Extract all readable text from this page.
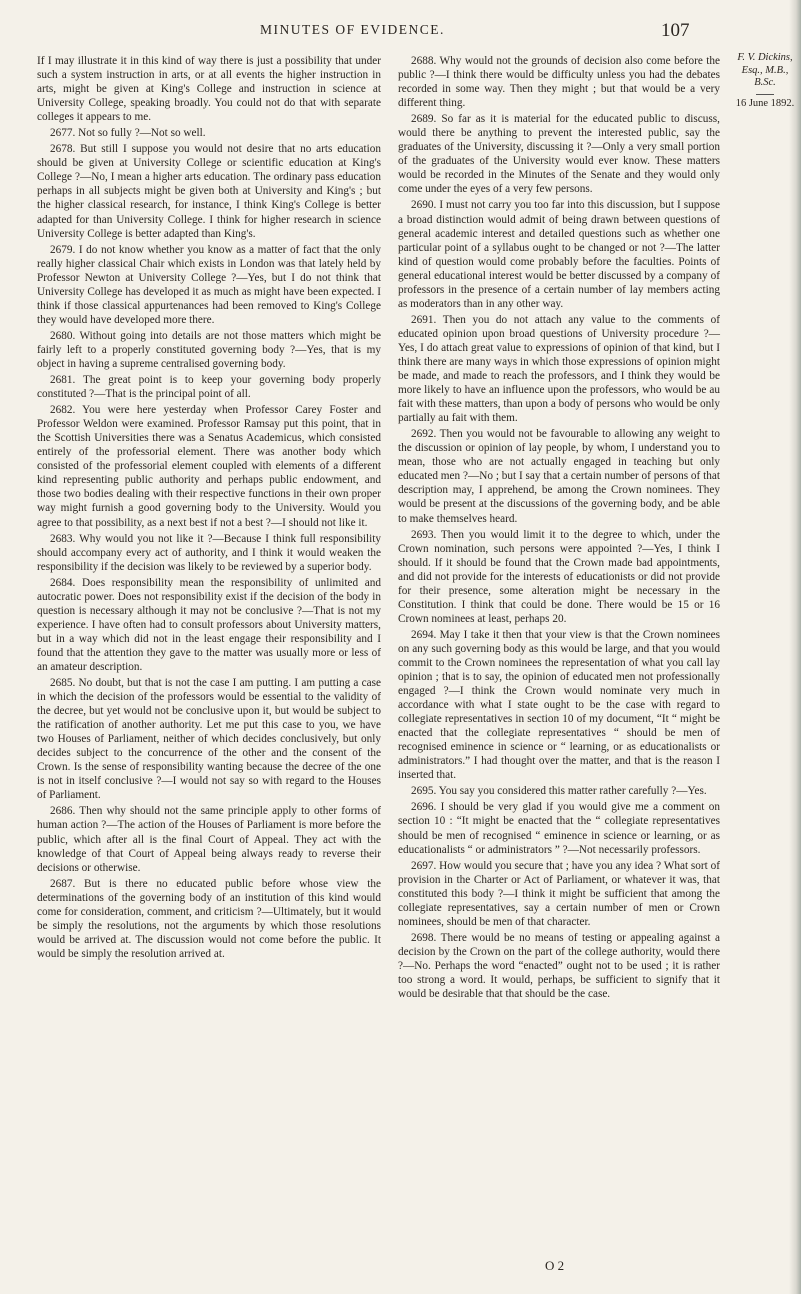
MINUTES OF EVIDENCE.	107

If I may illustrate it in this kind of way there is just a possibility that under such a system instruction in arts, or at all events the higher instruction in arts, might be given at King's College and instruction in science at University College, speaking broadly. You could not do that with separate colleges it appears to me.

2677. Not so fully ?—Not so well.

2678. But still I suppose you would not desire that no arts education should be given at University College or scientific education at King's College ?—No, I mean a higher arts education. The ordinary pass education perhaps in all subjects might be given both at University and King's ; but the higher classical research, for instance, I think King's College is better adapted for than University College. I think for higher research in science University College is better adapted than King's.

2679. I do not know whether you know as a matter of fact that the only really higher classical Chair which exists in London was that lately held by Professor Newton at University College ?—Yes, but I do not think that University College has developed it as much as might have been expected. I think if those classical appurtenances had been removed to King's College they would have developed more there.

2680. Without going into details are not those matters which might be fairly left to a properly constituted governing body ?—Yes, that is my object in having a supreme centralised governing body.

2681. The great point is to keep your governing body properly constituted ?—That is the principal point of all.

2682. You were here yesterday when Professor Carey Foster and Professor Weldon were examined. Professor Ramsay put this point, that in the Scottish Universities there was a Senatus Academicus, which consisted entirely of the professorial element. There was another body which consisted of the professorial element coupled with elements of a different kind representing public authority and perhaps public endowment, and those two bodies dealing with their respective functions in their own proper way might furnish a good governing body to the University. Would you agree to that possibility, as a next best if not a best ?—I should not like it.

2683. Why would you not like it ?—Because I think full responsibility should accompany every act of authority, and I think it would weaken the responsibility if the decision was likely to be reviewed by a superior body.

2684. Does responsibility mean the responsibility of unlimited and autocratic power. Does not responsibility exist if the decision of the body in question is necessary although it may not be conclusive ?—That is not my experience. I have often had to consult professors about University matters, but in a way which did not in the least engage their responsibility and I found that the attention they gave to the matter was usually more or less of an amateur description.

2685. No doubt, but that is not the case I am putting. I am putting a case in which the decision of the professors would be essential to the validity of the decree, but yet would not be conclusive upon it, but would be subject to the ratification of another authority. Let me put this case to you, we have two Houses of Parliament, neither of which decides conclusively, but only decides subject to the concurrence of the other and the consent of the Crown. Is the sense of responsibility wanting because the decree of the one is not in itself conclusive ?—I would not say so with regard to the Houses of Parliament.

2686. Then why should not the same principle apply to other forms of human action ?—The action of the Houses of Parliament is more before the public, which after all is the final Court of Appeal. They act with the knowledge of that Court of Appeal being always ready to reverse their decisions or otherwise.

2687. But is there no educated public before whose view the determinations of the governing body of an institution of this kind would come for consideration, comment, and criticism ?—Ultimately, but it would be simply the resolutions, not the arguments by which those resolutions would be arrived at. The discussion would not come before the public. It would be simply the resolution arrived at.

2688. Why would not the grounds of decision also come before the public ?—I think there would be difficulty unless you had the debates recorded in some way. Then they might ; but that would be a very different thing.

2689. So far as it is material for the educated public to discuss, would there be anything to prevent the interested public, say the graduates of the University, discussing it ?—Only a very small portion of the graduates of the University would ever know. These matters would be recorded in the Minutes of the Senate and they would only come under the eyes of a very few persons.

2690. I must not carry you too far into this discussion, but I suppose a broad distinction would admit of being drawn between questions of general academic interest and detailed questions such as whether one particular point of a syllabus ought to be changed or not ?—The latter kind of question would come probably before the faculties. Points of general educational interest would be better discussed by a company of professors in the presence of a certain number of lay members acting as moderators than in any other way.

2691. Then you do not attach any value to the comments of educated opinion upon broad questions of University procedure ?—Yes, I do attach great value to expressions of opinion of that kind, but I think there are many ways in which those expressions of opinion might be made, and made to reach the professors, and I think they would be more likely to have an influence upon the professors, who would be au fait with these matters, than upon a body of persons who would be only partially au fait with them.

2692. Then you would not be favourable to allowing any weight to the discussion or opinion of lay people, by whom, I understand you to mean, those who are not actually engaged in teaching but only educated men ?—No ; but I say that a certain number of persons of that description may, I apprehend, be among the Crown nominees. They would be present at the discussions of the governing body, and be able to make themselves heard.

2693. Then you would limit it to the degree to which, under the Crown nomination, such persons were appointed ?—Yes, I think I should. If it should be found that the Crown made bad appointments, and did not provide for the interests of educationists or did not provide for their presence, some alteration might be necessary in the Constitution. I think that could be done. There would be 15 or 16 Crown nominees at least, perhaps 20.

2694. May I take it then that your view is that the Crown nominees on any such governing body as this would be large, and that you would commit to the Crown nominees the representation of what you call lay opinion ; that is to say, the opinion of educated men not professionally engaged ?—I think the Crown would nominate very much in accordance with what I state ought to be the case with regard to collegiate representatives in section 10 of my document, “It “ might be enacted that the collegiate representatives “ should be men of recognised eminence in science or “ learning, or as educationalists or administrators.” I had thought over the matter, and that is the reason I inserted that.

2695. You say you considered this matter rather carefully ?—Yes.

2696. I should be very glad if you would give me a comment on section 10 : “It might be enacted that the “ collegiate representatives should be men of recognised “ eminence in science or learning, or as educationalists “ or administrators ” ?—Not necessarily professors.

2697. How would you secure that ; have you any idea ? What sort of provision in the Charter or Act of Parliament, or whatever it was, that constituted this body ?—I think it might be sufficient that among the collegiate representatives, say a certain number of men or Crown nominees, should be men of that character.

2698. There would be no means of testing or appealing against a decision by the Crown on the part of the college authority, would there ?—No. Perhaps the word “enacted” ought not to be used ; it is rather too strong a word. It would, perhaps, be sufficient to signify that it would be desirable that that should be the case.

F. V. Dickins,
Esq., M.B.,
B.Sc.
16 June 1892.
O 2
